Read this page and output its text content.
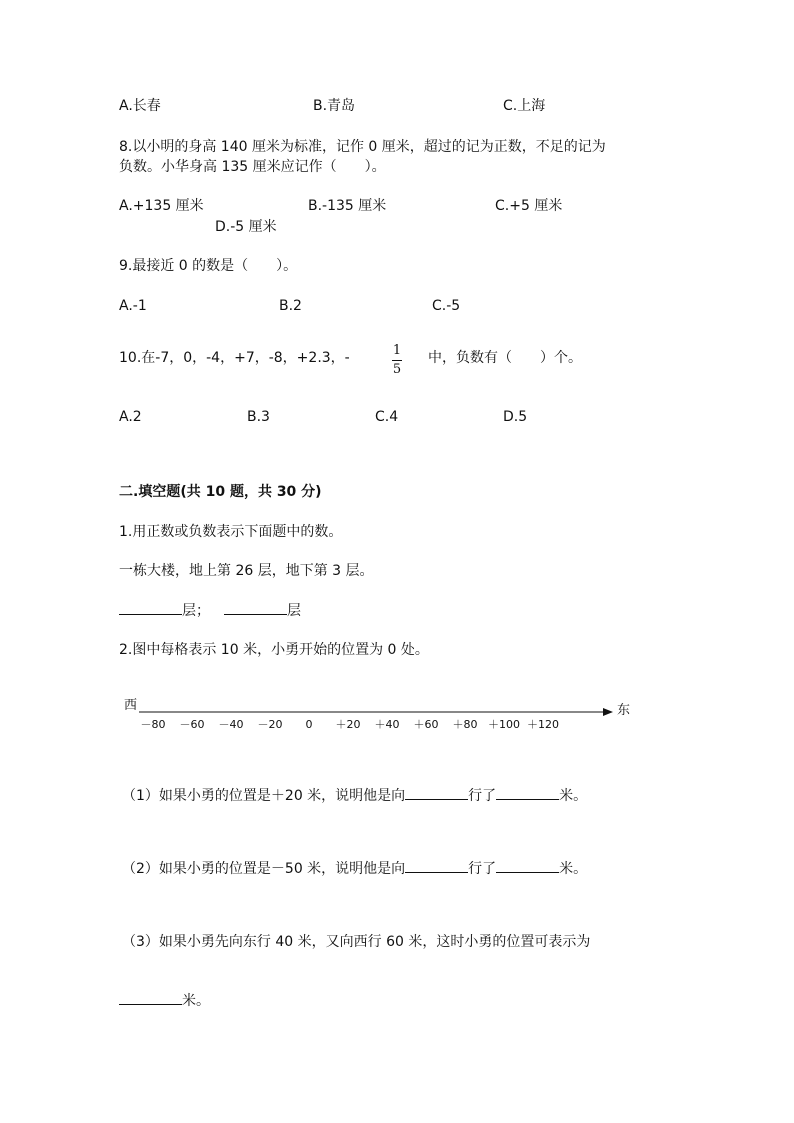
A.长春	B.青岛	C.上海
8.以小明的身高 140 厘米为标准，记作 0 厘米，超过的记为正数，不足的记为
负数。小华身高 135 厘米应记作（　　）。
A.+135 厘米	B.-135 厘米	C.+5 厘米
D.-5 厘米
9.最接近 0 的数是（　　）。
A.-1	B.2	C.-5
10.在-7，0，-4，+7，-8，+2.3，-	1
5
中，负数有（　　）个。
A.2	B.3	C.4	D.5
二.填空题(共 10 题，共 30 分)
1.用正数或负数表示下面题中的数。
一栋大楼，地上第 26 层，地下第 3 层。
层；	层
2.图中每格表示 10 米，小勇开始的位置为 0 处。
西	东
－80 －60 －40 －20 0 ＋20 ＋40 ＋60 ＋80 ＋100 ＋120
（1）如果小勇的位置是＋20 米，说明他是向	行了	米。
（2）如果小勇的位置是－50 米，说明他是向	行了	米。
（3）如果小勇先向东行 40 米，又向西行 60 米，这时小勇的位置可表示为
米。
